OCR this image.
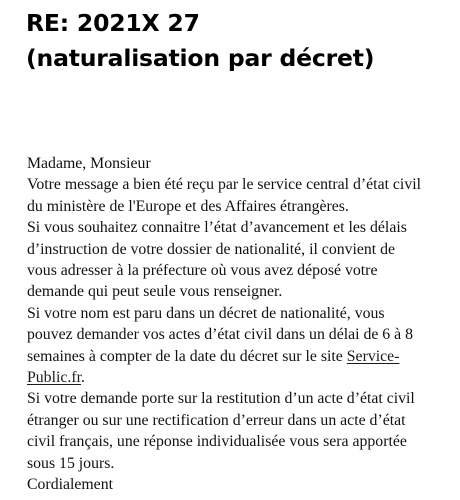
RE: 2021X 27
(naturalisation par décret)
Madame, Monsieur
Votre message a bien été reçu par le service central d’état civil
du ministère de l'Europe et des Affaires étrangères.
Si vous souhaitez connaitre l’état d’avancement et les délais
d’instruction de votre dossier de nationalité, il convient de
vous adresser à la préfecture où vous avez déposé votre
demande qui peut seule vous renseigner.
Si votre nom est paru dans un décret de nationalité, vous
pouvez demander vos actes d’état civil dans un délai de 6 à 8
semaines à compter de la date du décret sur le site Service-
Public.fr.
Si votre demande porte sur la restitution d’un acte d’état civil
étranger ou sur une rectification d’erreur dans un acte d’état
civil français, une réponse individualisée vous sera apportée
sous 15 jours.
Cordialement
